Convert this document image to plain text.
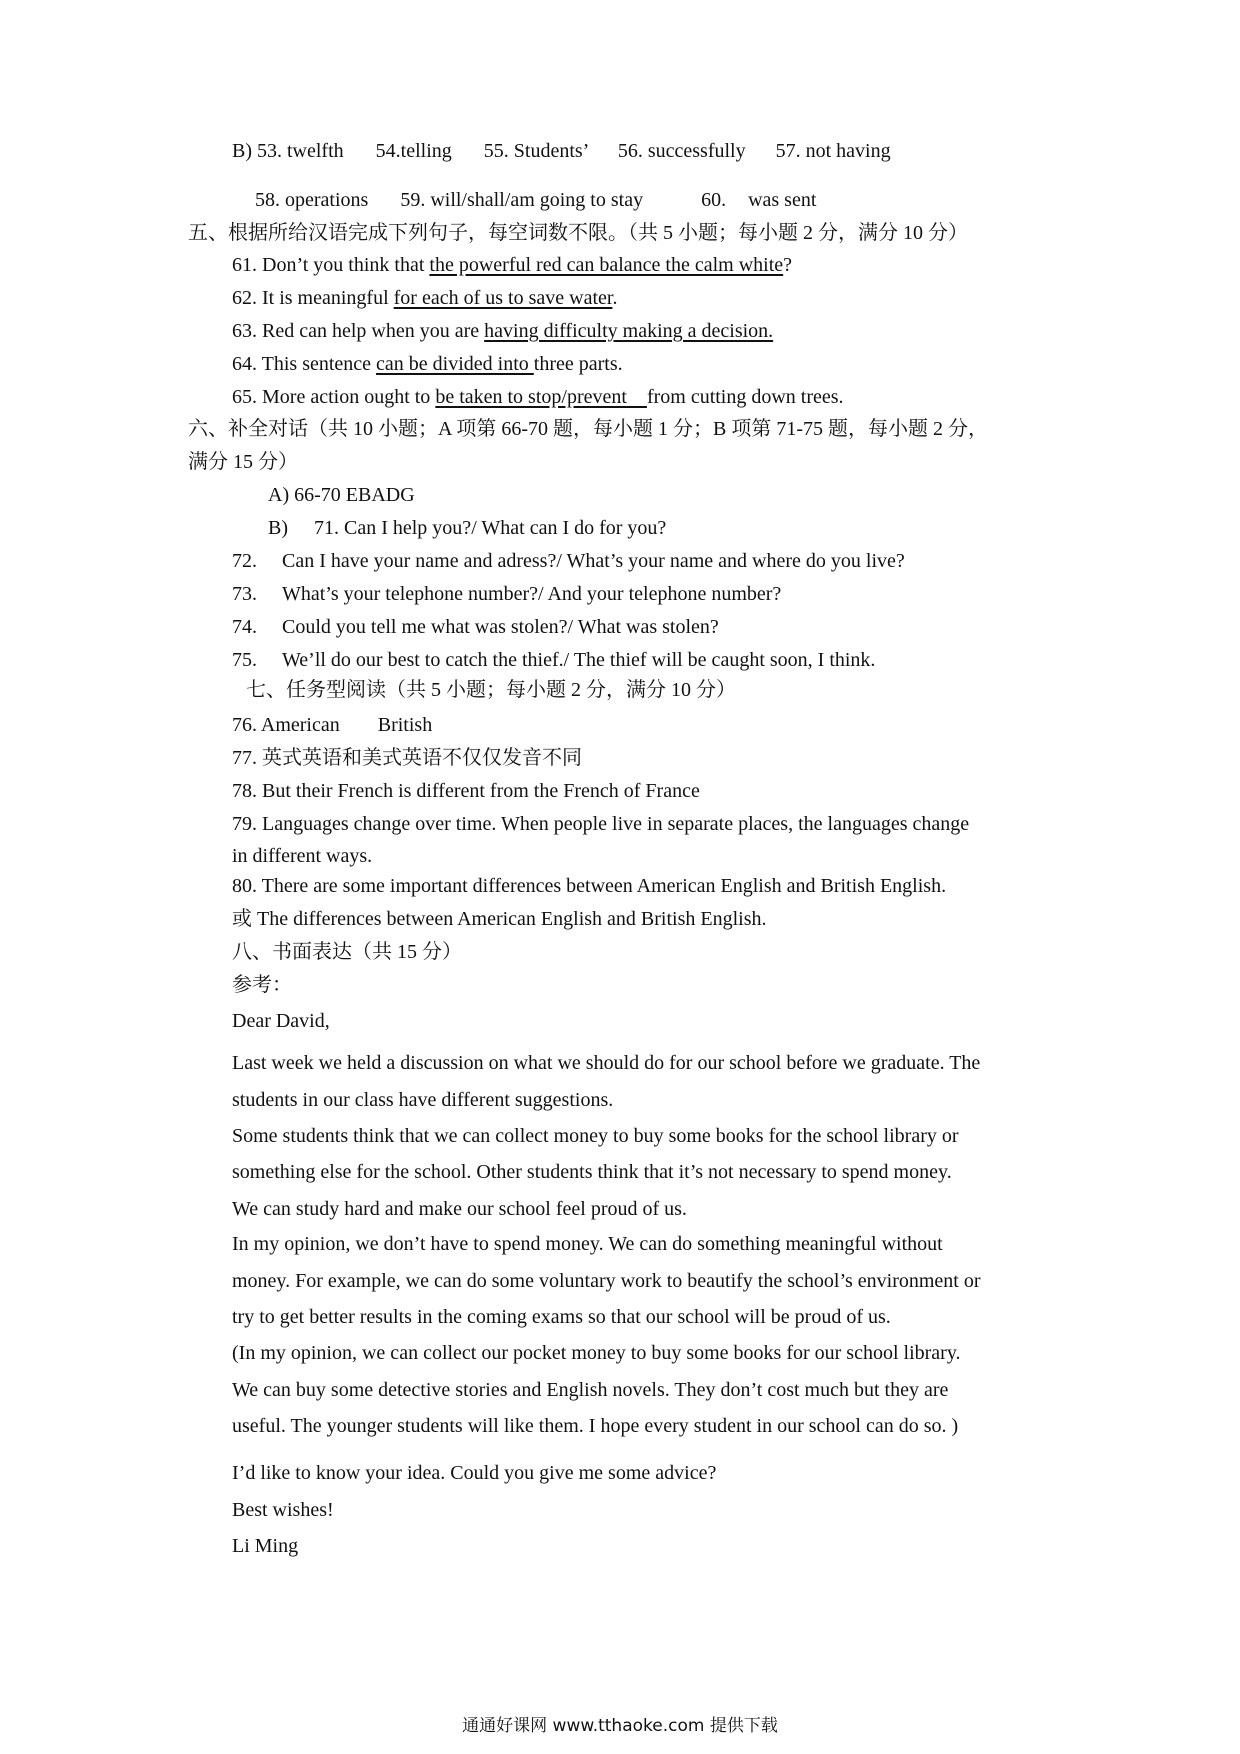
B) 53. twelfth 54.telling 55. Students’ 56. successfully 57. not having
58. operations 59. will/shall/am going to stay	60. was sent
五、根据所给汉语完成下列句子，每空词数不限。（共 5 小题；每小题 2 分，满分 10 分）
61. Don’t you think that the powerful red can balance the calm white?
62. It is meaningful for each of us to save water.
63. Red can help when you are having difficulty making a decision.
64. This sentence can be divided into three parts.
65. More action ought to be taken to stop/prevent    from cutting down trees.
六、补全对话（共 10 小题；A 项第 66-70 题，每小题 1 分；B 项第 71-75 题，每小题 2 分，
满分 15 分）
A) 66-70 EBADG
B) 71. Can I help you?/ What can I do for you?
72. Can I have your name and adress?/ What’s your name and where do you live?
73. What’s your telephone number?/ And your telephone number?
74. Could you tell me what was stolen?/ What was stolen?
75. We’ll do our best to catch the thief./ The thief will be caught soon, I think.
七、任务型阅读（共 5 小题；每小题 2 分，满分 10 分）
76. American British
77. 英式英语和美式英语不仅仅发音不同
78. But their French is different from the French of France
79. Languages change over time. When people live in separate places, the languages change
in different ways.
80. There are some important differences between American English and British English.
或 The differences between American English and British English.
八、书面表达（共 15 分）
参考：
Dear David,
Last week we held a discussion on what we should do for our school before we graduate. The
students in our class have different suggestions.
Some students think that we can collect money to buy some books for the school library or
something else for the school. Other students think that it’s not necessary to spend money.
We can study hard and make our school feel proud of us.
In my opinion, we don’t have to spend money. We can do something meaningful without
money. For example, we can do some voluntary work to beautify the school’s environment or
try to get better results in the coming exams so that our school will be proud of us.
(In my opinion, we can collect our pocket money to buy some books for our school library.
We can buy some detective stories and English novels. They don’t cost much but they are
useful. The younger students will like them. I hope every student in our school can do so. )
I’d like to know your idea. Could you give me some advice?
Best wishes!
Li Ming
通通好课网 www.tthaoke.com 提供下载
